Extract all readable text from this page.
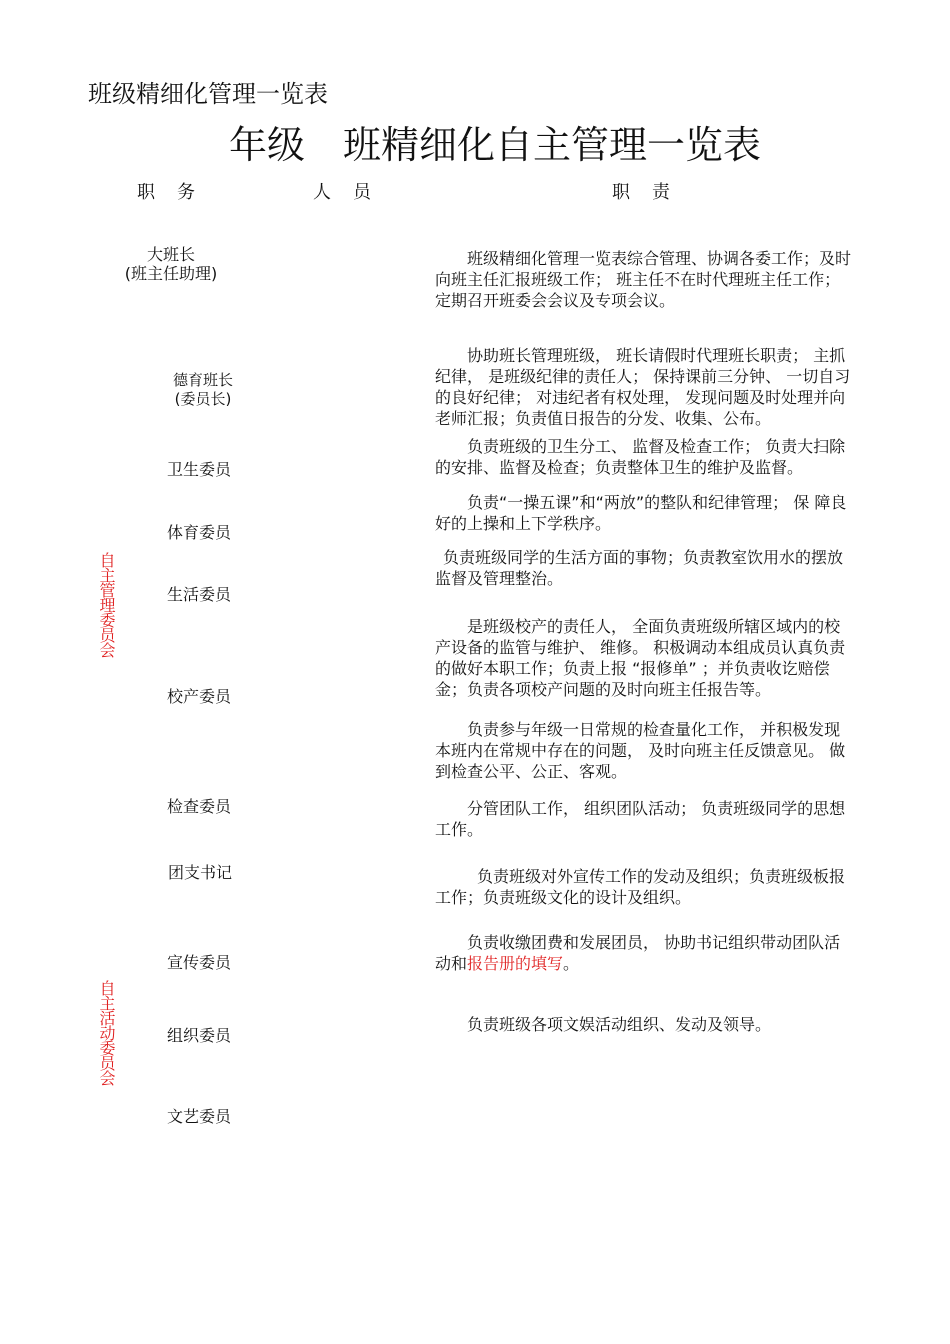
班级精细化管理一览表
年级　班精细化自主管理一览表
职　务	人　员	职　责
自主管理委员会
自主活动委员会
大班长
(班主任助理)
德育班长
(委员长)
卫生委员
体育委员
生活委员
校产委员
检查委员
团支书记
宣传委员
组织委员
文艺委员
班级精细化管理一览表综合管理、协调各委工作；及时向班主任汇报班级工作； 班主任不在时代理班主任工作；定期召开班委会会议及专项会议。
协助班长管理班级， 班长请假时代理班长职责； 主抓 纪律， 是班级纪律的责任人； 保持课前三分钟、 一切自习 的良好纪律； 对违纪者有权处理， 发现问题及时处理并向 老师汇报；负责值日报告的分发、收集、公布。
负责班级的卫生分工、 监督及检查工作； 负责大扫除 的安排、监督及检查；负责整体卫生的维护及监督。
负责“一操五课”和“两放”的整队和纪律管理； 保 障良好的上操和上下学秩序。
负责班级同学的生活方面的事物；负责教室饮用水的摆放监督及管理整治。
是班级校产的责任人， 全面负责班级所辖区域内的校 产设备的监管与维护、 维修。 积极调动本组成员认真负责 的做好本职工作；负责上报 “报修单” ；并负责收讫赔偿 金；负责各项校产问题的及时向班主任报告等。
负责参与年级一日常规的检查量化工作， 并积极发现 本班内在常规中存在的问题， 及时向班主任反馈意见。 做 到检查公平、公正、客观。
分管团队工作， 组织团队活动； 负责班级同学的思想 工作。
负责班级对外宣传工作的发动及组织；负责班级板报工作；负责班级文化的设计及组织。
负责收缴团费和发展团员， 协助书记组织带动团队活 动和报告册的填写。
负责班级各项文娱活动组织、发动及领导。
